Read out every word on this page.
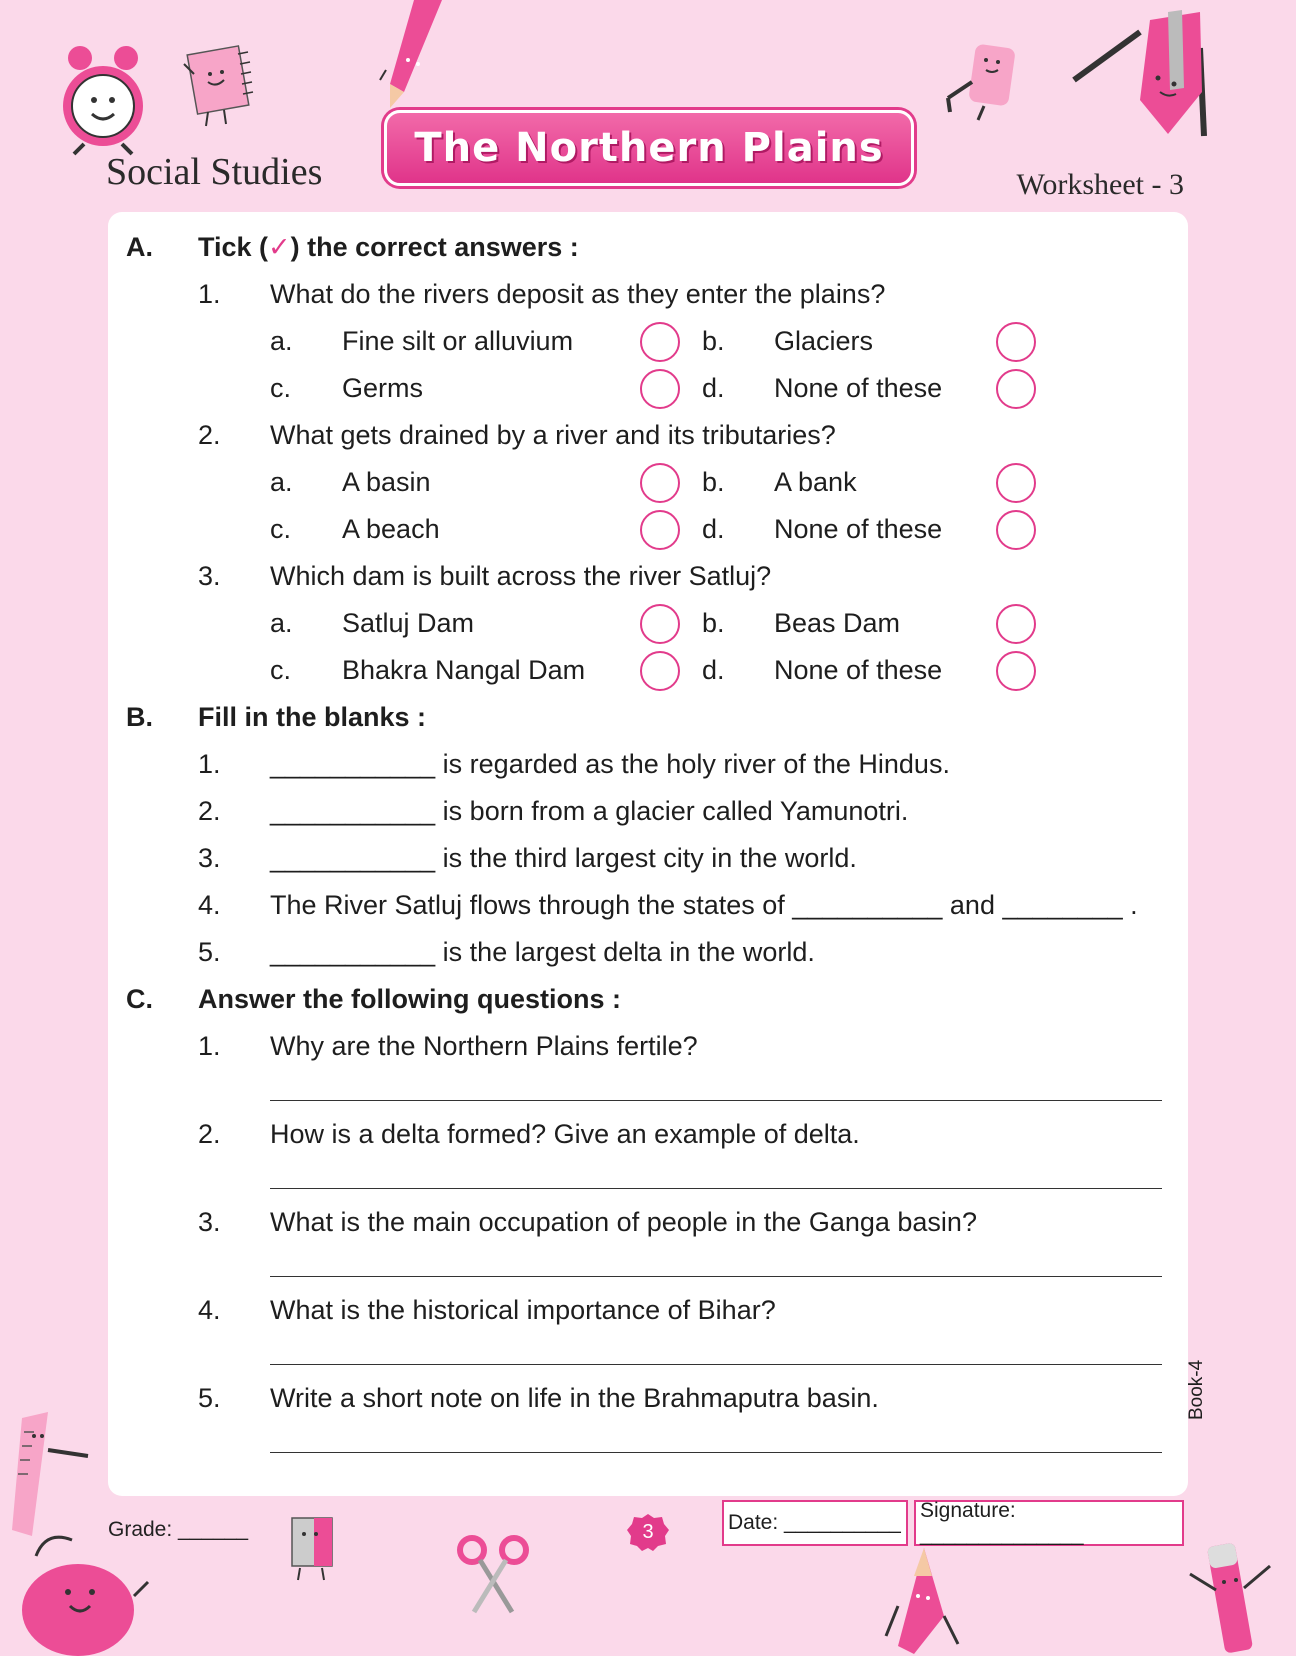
Social Studies
The Northern Plains
Worksheet - 3
A. Tick (✓) the correct answers :
1. What do the rivers deposit as they enter the plains?
a. Fine silt or alluvium	b. Glaciers
c. Germs	d. None of these
2. What gets drained by a river and its tributaries?
a. A basin	b. A bank
c. A beach	d. None of these
3. Which dam is built across the river Satluj?
a. Satluj Dam	b. Beas Dam
c. Bhakra Nangal Dam	d. None of these
B. Fill in the blanks :
1. ___________ is regarded as the holy river of the Hindus.
2. ___________ is born from a glacier called Yamunotri.
3. ___________ is the third largest city in the world.
4. The River Satluj flows through the states of __________ and ________ .
5. ___________ is the largest delta in the world.
C. Answer the following questions :
1. Why are the Northern Plains fertile?
2. How is a delta formed? Give an example of delta.
3. What is the main occupation of people in the Ganga basin?
4. What is the historical importance of Bihar?
5. Write a short note on life in the Brahmaputra basin.	Book-4
Grade: ______	3	Date: __________
Signature: ______________
